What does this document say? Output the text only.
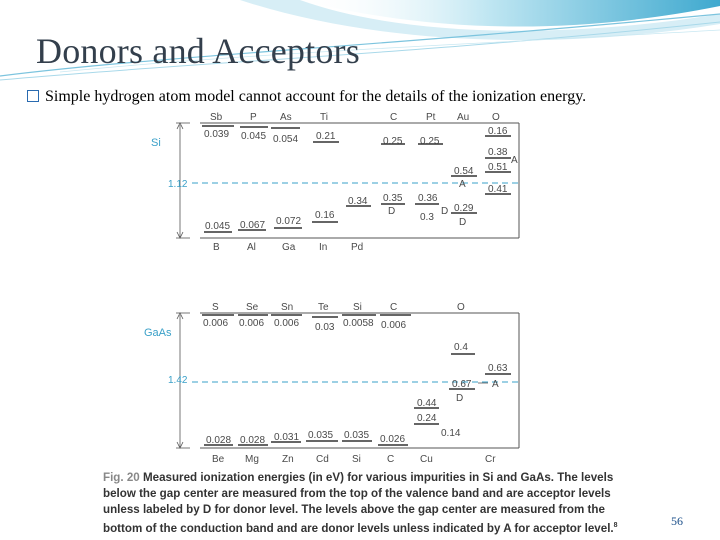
Donors and Acceptors
Simple hydrogen atom model cannot account for the details of the ionization energy.
Si
1.12
Sb	P As	Ti	C	Pt Au O
B	Al	Ga In Pd
0.039 0.045 0.054 0.21	0.25 0.25
0.16
0.38
0.51
0.41
0.54
0.34 0.35 0.36
0.29
0.3
0.16
0.072
0.067
0.045
A
A
D	D
D
GaAs
1.42
S	Se Sn Te Si	C	O
Be Mg Zn Cd Si	C	Cu	Cr
0.006 0.006 0.006 0.03 0.0058 0.006
0.4
0.63
0.67
0.44
0.24
0.14
0.028 0.028 0.031 0.035 0.035 0.026
A
D
Fig. 20 Measured ionization energies (in eV) for various impurities in Si and GaAs. The levels below the gap center are measured from the top of the valence band and are acceptor levels unless labeled by D for donor level. The levels above the gap center are measured from the bottom of the conduction band and are donor levels unless indicated by A for acceptor level.$^8$	56
